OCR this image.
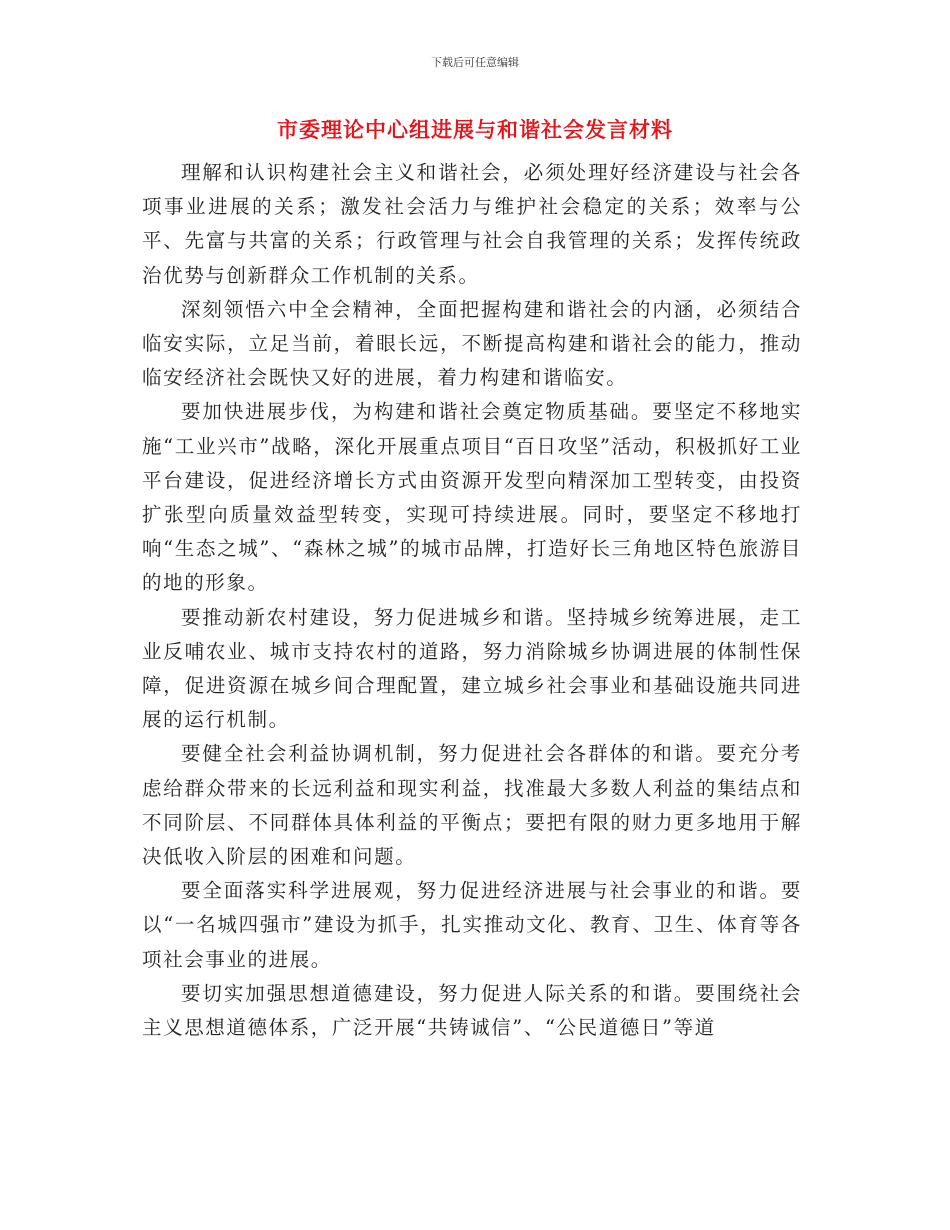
下载后可任意编辑
市委理论中心组进展与和谐社会发言材料

理解和认识构建社会主义和谐社会，必须处理好经济建设与社会各项事业进展的关系；激发社会活力与维护社会稳定的关系；效率与公平、先富与共富的关系；行政管理与社会自我管理的关系；发挥传统政治优势与创新群众工作机制的关系。

深刻领悟六中全会精神，全面把握构建和谐社会的内涵，必须结合临安实际，立足当前，着眼长远，不断提高构建和谐社会的能力，推动临安经济社会既快又好的进展，着力构建和谐临安。

要加快进展步伐，为构建和谐社会奠定物质基础。要坚定不移地实施“工业兴市”战略，深化开展重点项目“百日攻坚”活动，积极抓好工业平台建设，促进经济增长方式由资源开发型向精深加工型转变，由投资扩张型向质量效益型转变，实现可持续进展。同时，要坚定不移地打响“生态之城”、“森林之城”的城市品牌，打造好长三角地区特色旅游目的地的形象。

要推动新农村建设，努力促进城乡和谐。坚持城乡统筹进展，走工业反哺农业、城市支持农村的道路，努力消除城乡协调进展的体制性保障，促进资源在城乡间合理配置，建立城乡社会事业和基础设施共同进展的运行机制。

要健全社会利益协调机制，努力促进社会各群体的和谐。要充分考虑给群众带来的长远利益和现实利益，找准最大多数人利益的集结点和不同阶层、不同群体具体利益的平衡点；要把有限的财力更多地用于解决低收入阶层的困难和问题。

要全面落实科学进展观，努力促进经济进展与社会事业的和谐。要以“一名城四强市”建设为抓手，扎实推动文化、教育、卫生、体育等各项社会事业的进展。

要切实加强思想道德建设，努力促进人际关系的和谐。要围绕社会主义思想道德体系，广泛开展“共铸诚信”、“公民道德日”等道
